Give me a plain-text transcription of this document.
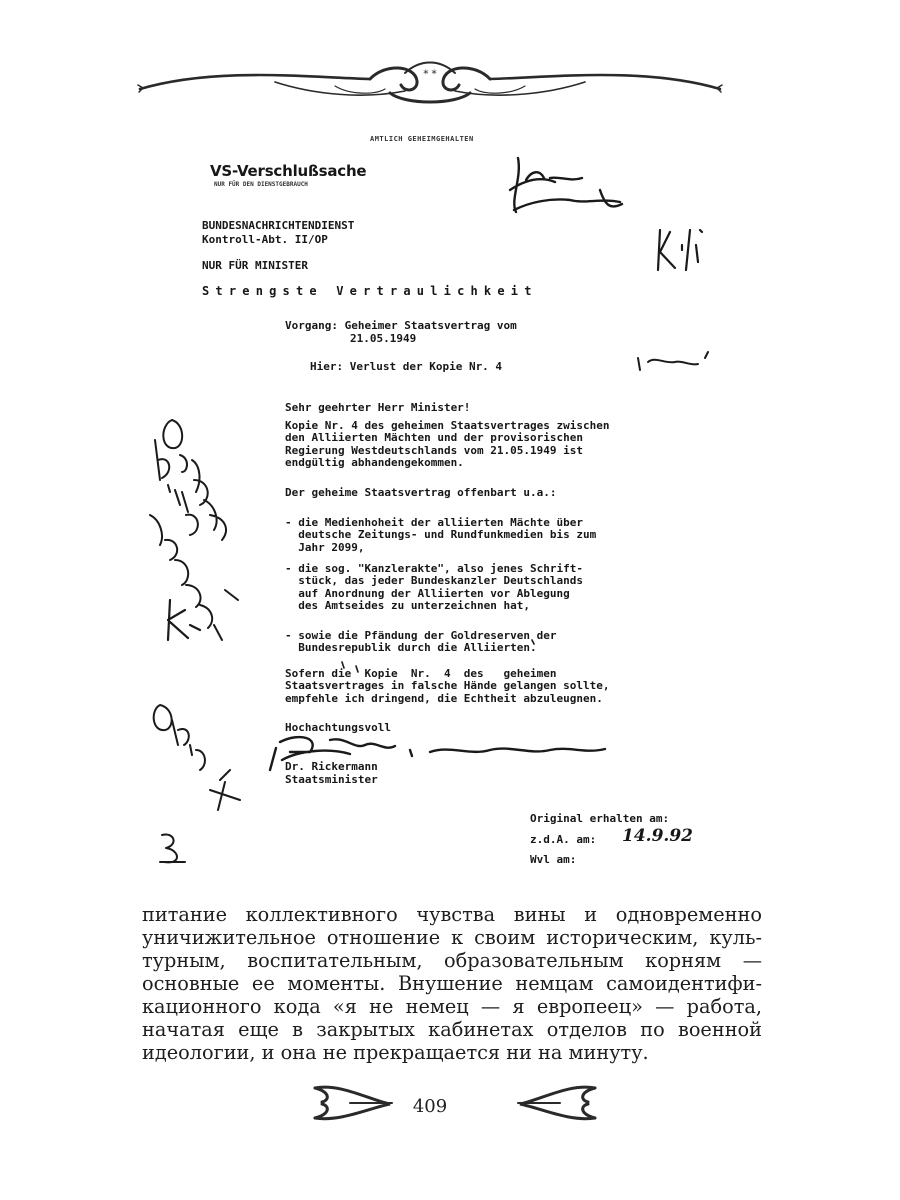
* *
AMTLICH GEHEIMGEHALTEN
VS-Verschlußsache
NUR FÜR DEN DIENSTGEBRAUCH
BUNDESNACHRICHTENDIENST
Kontroll-Abt. II/OP
NUR FÜR MINISTER
Strengste Vertraulichkeit
Vorgang: Geheimer Staatsvertrag vom
21.05.1949
Hier: Verlust der Kopie Nr. 4
Sehr geehrter Herr Minister!
Kopie Nr. 4 des geheimen Staatsvertrages zwischen
den Alliierten Mächten und der provisorischen
Regierung Westdeutschlands vom 21.05.1949 ist
endgültig abhandengekommen.
Der geheime Staatsvertrag offenbart u.a.:
- die Medienhoheit der alliierten Mächte über
deutsche Zeitungs- und Rundfunkmedien bis zum
Jahr 2099,
- die sog. "Kanzlerakte", also jenes Schrift-
stück, das jeder Bundeskanzler Deutschlands
auf Anordnung der Alliierten vor Ablegung
des Amtseides zu unterzeichnen hat,
- sowie die Pfändung der Goldreserven der
Bundesrepublik durch die Alliierten.
Sofern die  Kopie  Nr.  4  des   geheimen
Staatsvertrages in falsche Hände gelangen sollte,
empfehle ich dringend, die Echtheit abzuleugnen.
Hochachtungsvoll
Dr. Rickermann
Staatsminister
Original erhalten am:
z.d.A. am: 14.9.92
Wvl am:
питание коллективного чувства вины и одновременно
уничижительное отношение к своим историческим, куль-
турным, воспитательным, образовательным корням —
основные ее моменты. Внушение немцам самоидентифи-
кационного кода «я не немец — я европеец» — работа,
начатая еще в закрытых кабинетах отделов по военной
идеологии, и она не прекращается ни на минуту.
409
